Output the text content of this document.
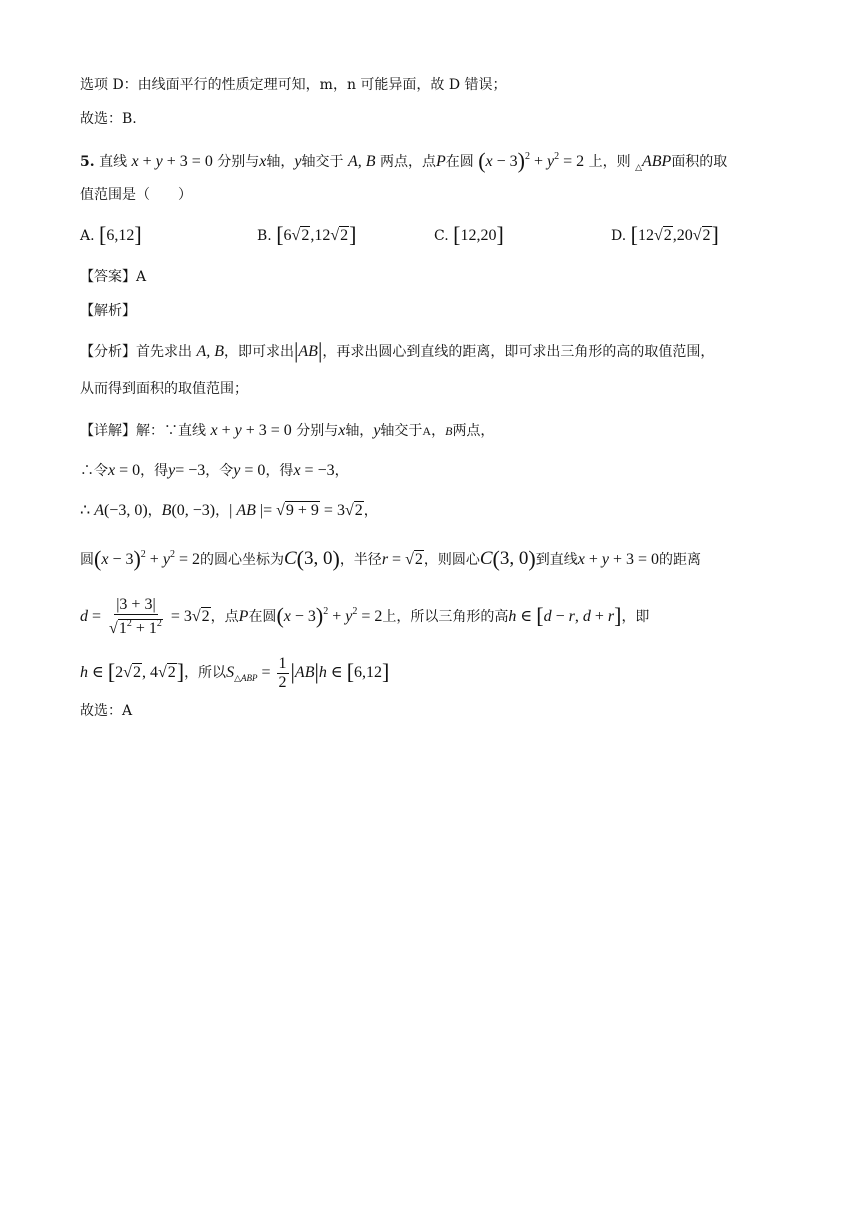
选项 D：由线面平行的性质定理可知，m，n 可能异面，故 D 错误；
故选：B.
5. 直线 x + y + 3 = 0 分别与x轴，y轴交于 A, B 两点，点P在圆 $(x - 3)^2 + y^2 = 2$ 上，则 $_\triangle$ABP面积的取
值范围是（　　）
A. [6,12]	B. [6√2,12√2]	C. [12,20]	D. [12√2,20√2]
【答案】A
【解析】
【分析】首先求出 A, B，即可求出|AB|，再求出圆心到直线的距离，即可求出三角形的高的取值范围，
从而得到面积的取值范围；
【详解】解：∵直线 x + y + 3 = 0 分别与x轴，y轴交于A，B两点，
∴令x = 0，得y= −3，令y = 0，得x = −3，
∴ A(−3, 0)，B(0, −3)，| AB |= √9 + 9 = 3√2，
圆$(x - 3)^2 + y^2 = 2$的圆心坐标为C(3, 0)，半径r = √2，则圆心C(3, 0)到直线x + y + 3 = 0的距离
$d = \frac{|3 + 3|}{√1^2 + 1^2} = 3√2$，点P在圆$(x - 3)^2 + y^2 = 2$上，所以三角形的高h ∈ [d − r, d + r]，即
h ∈ [2√2, 4√2]，所以$S_{\triangle ABP} = \frac{1}{2} |AB|h$ ∈ [6,12]
故选：A
